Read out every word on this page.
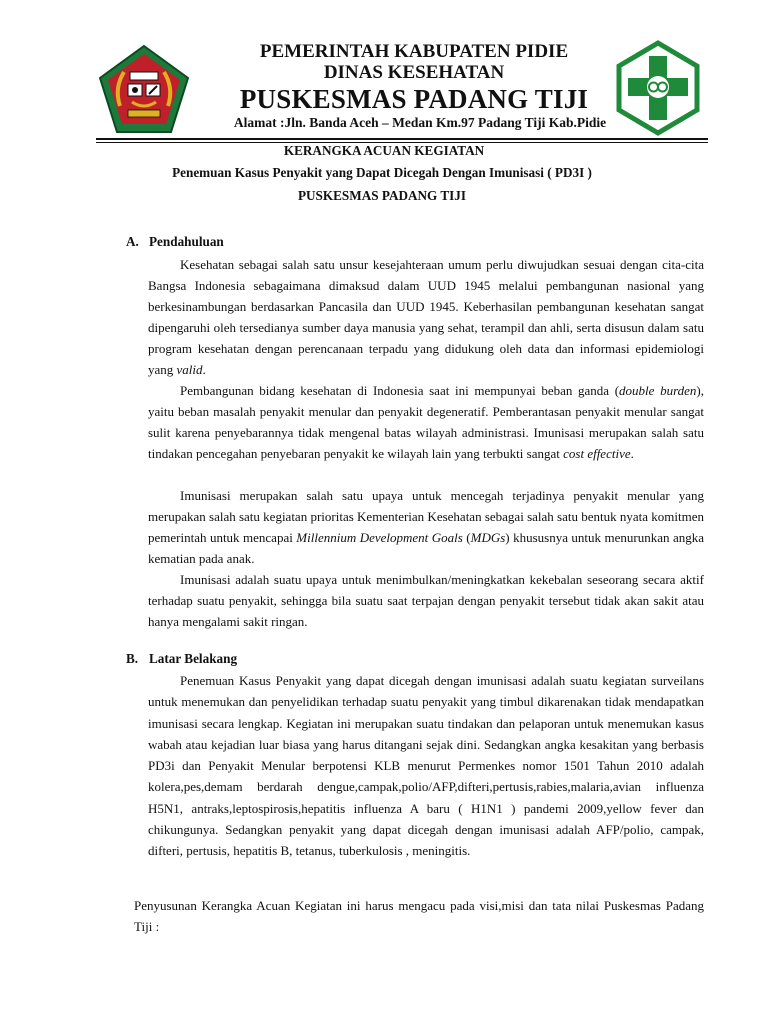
PEMERINTAH KABUPATEN PIDIE
DINAS KESEHATAN
PUSKESMAS PADANG TIJI
Alamat :Jln. Banda Aceh – Medan Km.97 Padang Tiji Kab.Pidie
KERANGKA ACUAN KEGIATAN
Penemuan Kasus Penyakit yang Dapat Dicegah Dengan Imunisasi ( PD3I )
PUSKESMAS PADANG TIJI
A. Pendahuluan
Kesehatan sebagai salah satu unsur kesejahteraan umum perlu diwujudkan sesuai dengan cita-cita Bangsa Indonesia sebagaimana dimaksud dalam UUD 1945 melalui pembangunan nasional yang berkesinambungan berdasarkan Pancasila dan UUD 1945. Keberhasilan pembangunan kesehatan sangat dipengaruhi oleh tersedianya sumber daya manusia yang sehat, terampil dan ahli, serta disusun dalam satu program kesehatan dengan perencanaan terpadu yang didukung oleh data dan informasi epidemiologi yang valid.
Pembangunan bidang kesehatan di Indonesia saat ini mempunyai beban ganda (double burden), yaitu beban masalah penyakit menular dan penyakit degeneratif. Pemberantasan penyakit menular sangat sulit karena penyebarannya tidak mengenal batas wilayah administrasi. Imunisasi merupakan salah satu tindakan pencegahan penyebaran penyakit ke wilayah lain yang terbukti sangat cost effective.
Imunisasi merupakan salah satu upaya untuk mencegah terjadinya penyakit menular yang merupakan salah satu kegiatan prioritas Kementerian Kesehatan sebagai salah satu bentuk nyata komitmen pemerintah untuk mencapai Millennium Development Goals (MDGs) khususnya untuk menurunkan angka kematian pada anak.
Imunisasi adalah suatu upaya untuk menimbulkan/meningkatkan kekebalan seseorang secara aktif terhadap suatu penyakit, sehingga bila suatu saat terpajan dengan penyakit tersebut tidak akan sakit atau hanya mengalami sakit ringan.
B. Latar Belakang
Penemuan Kasus Penyakit yang dapat dicegah dengan imunisasi adalah suatu kegiatan surveilans untuk menemukan dan penyelidikan terhadap suatu penyakit yang timbul dikarenakan tidak mendapatkan imunisasi secara lengkap. Kegiatan ini merupakan suatu tindakan dan pelaporan untuk menemukan kasus wabah atau kejadian luar biasa yang harus ditangani sejak dini. Sedangkan angka kesakitan yang berbasis PD3i dan Penyakit Menular berpotensi KLB menurut Permenkes nomor 1501 Tahun 2010 adalah kolera,pes,demam berdarah dengue,campak,polio/AFP,difteri,pertusis,rabies,malaria,avian influenza H5N1, antraks,leptospirosis,hepatitis influenza A baru ( H1N1 ) pandemi 2009,yellow fever dan chikungunya. Sedangkan penyakit yang dapat dicegah dengan imunisasi adalah AFP/polio, campak, difteri, pertusis, hepatitis B, tetanus, tuberkulosis , meningitis.
Penyusunan Kerangka Acuan Kegiatan ini harus mengacu pada visi,misi dan tata nilai Puskesmas Padang Tiji :
